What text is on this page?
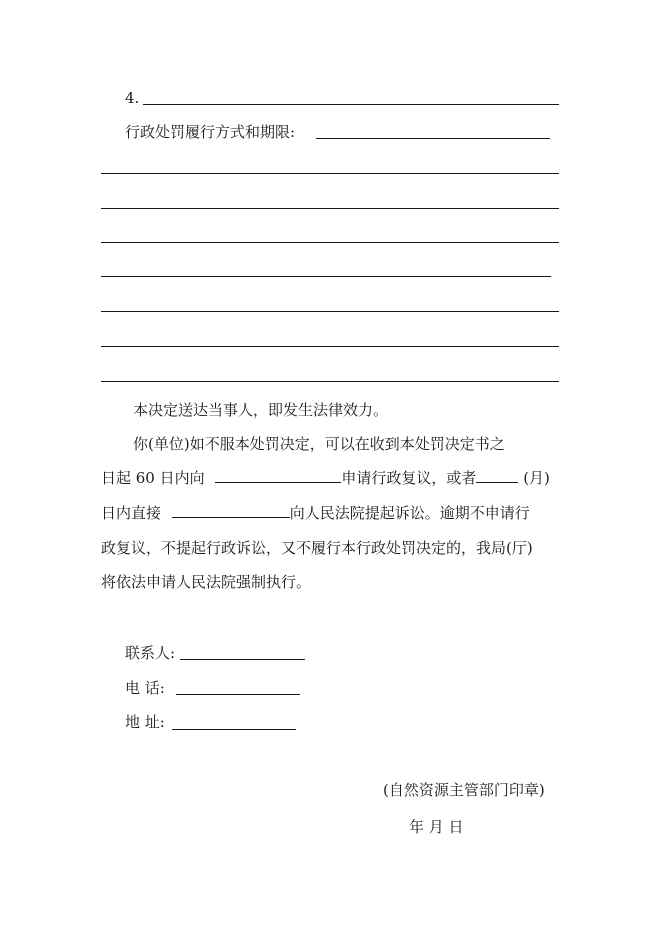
4.
行政处罚履行方式和期限:
本决定送达当事人，即发生法律效力。
你(单位)如不服本处罚决定，可以在收到本处罚决定书之
日起 60 日内向	申请行政复议，或者	(月)
日内直接	向人民法院提起诉讼。逾期不申请行
政复议，不提起行政诉讼，又不履行本行政处罚决定的，我局(厅)
将依法申请人民法院强制执行。
联系人:
电 话:
地 址:
(自然资源主管部门印章)
年 月 日
